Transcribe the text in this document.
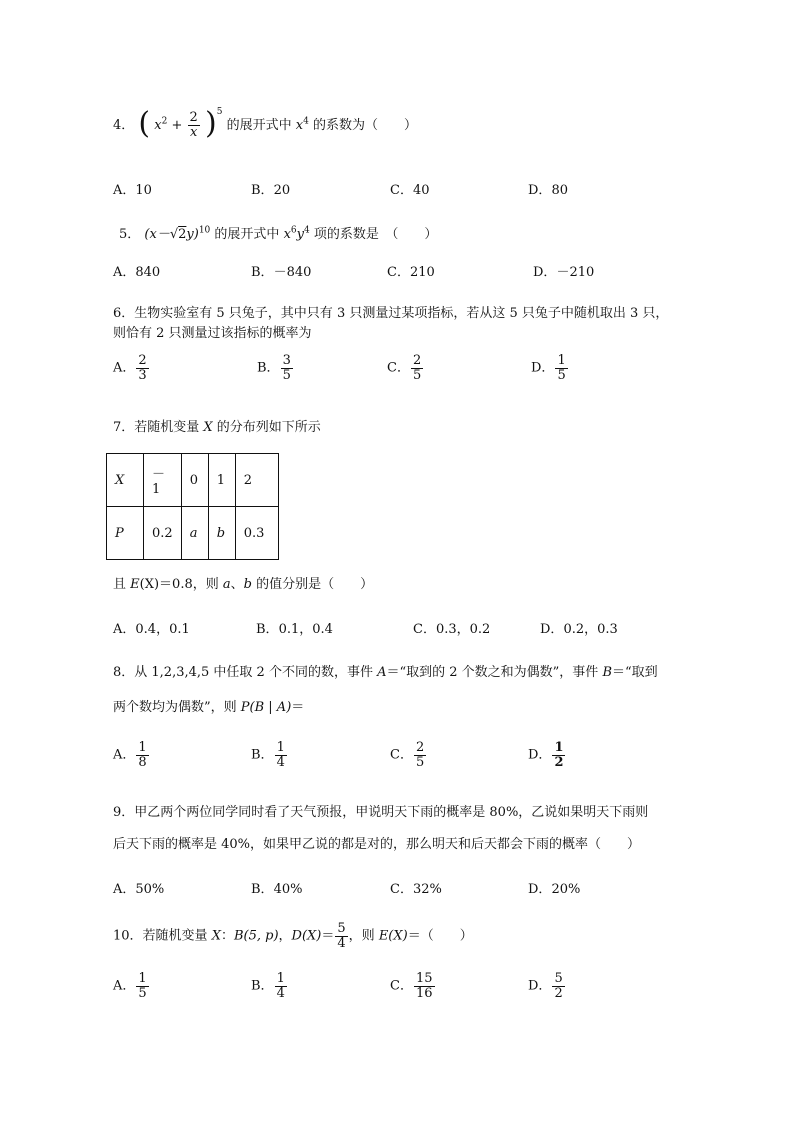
4． ( $x^2 + \frac{2}{x} )^5$ 的展开式中 $x^4$ 的系数为（　　）
A．10	B．20	C．40	D．80
5． $(x-√2y)^{10}$ 的展开式中 $x^6y^4$ 项的系数是　（　　）
A．840	B．－840	C．210	D．－210
6．生物实验室有 5 只兔子，其中只有 3 只测量过某项指标，若从这 5 只兔子中随机取出 3 只，
则恰有 2 只测量过该指标的概率为
A． $\frac{2}{3}$	B． $\frac{3}{5}$	C． $\frac{2}{5}$	D． $\frac{1}{5}$
7．若随机变量 X 的分布列如下所示
X	－1	0	1	2
P	0.2	a	b	0.3
且 E(X)＝0.8，则 a、b 的值分别是（　　）
A．0.4，0.1	B．0.1，0.4	C．0.3，0.2	D．0.2，0.3
8．从 1,2,3,4,5 中任取 2 个不同的数，事件 A＝“取到的 2 个数之和为偶数”，事件 B＝“取到
两个数均为偶数”，则 P(B | A)＝
A． $\frac{1}{8}$	B． $\frac{1}{4}$	C． $\frac{2}{5}$	D． $\frac{1}{2}$
9．甲乙两个两位同学同时看了天气预报，甲说明天下雨的概率是 80%，乙说如果明天下雨则
后天下雨的概率是 40%，如果甲乙说的都是对的，那么明天和后天都会下雨的概率（　　）
A．50%	B．40%	C．32%	D．20%
10．若随机变量 X：B(5, p)，$D(X)= \frac{5}{4}$ ，则 E(X)＝（　　）
A． $\frac{1}{5}$	B． $\frac{1}{4}$	C． $\frac{15}{16}$	D． $\frac{5}{2}$
